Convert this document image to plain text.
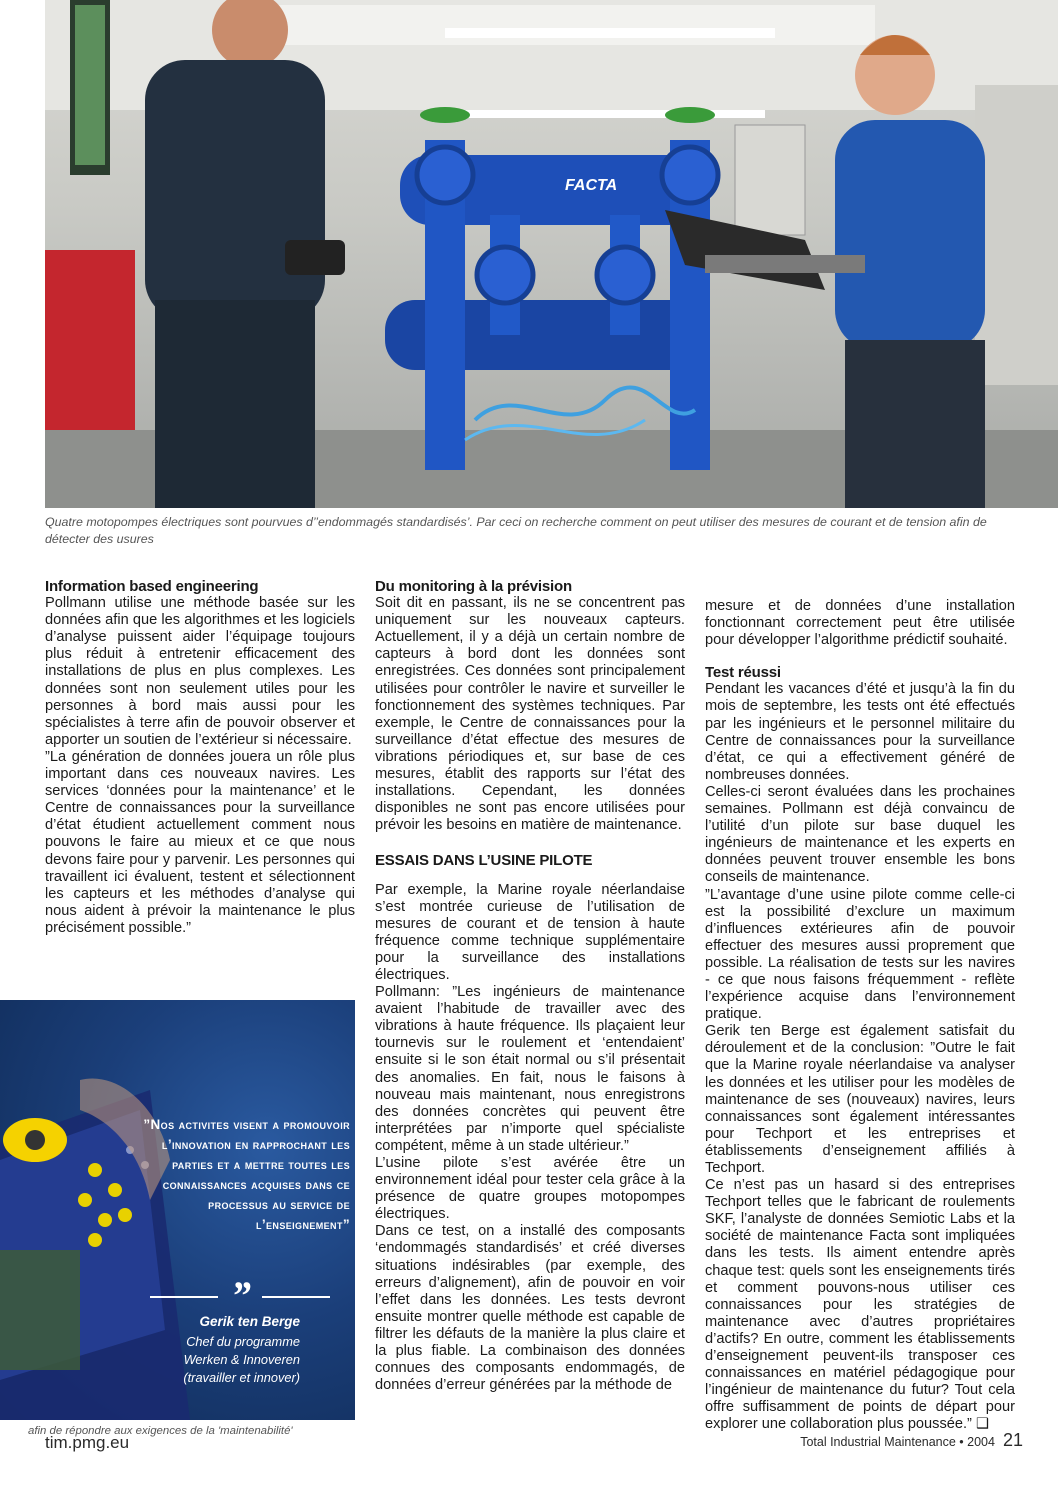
FACTA
Quatre motopompes électriques sont pourvues d’’endommagés standardisés’. Par ceci on recherche comment on peut utiliser des mesures de courant et de tension afin de détecter des usures
Information based engineering

Pollmann utilise une méthode basée sur les données afin que les algorithmes et les logiciels d’analyse puissent aider l’équipage toujours plus réduit à entretenir efficacement des installations de plus en plus complexes. Les données sont non seulement utiles pour les personnes à bord mais aussi pour les spécialistes à terre afin de pouvoir observer et apporter un soutien de l’extérieur si nécessaire.

”La génération de données jouera un rôle plus important dans ces nouveaux navires. Les services ‘données pour la maintenance’ et le Centre de connaissances pour la surveillance d’état étudient actuellement comment nous pouvons le faire au mieux et ce que nous devons faire pour y parvenir. Les personnes qui travaillent ici évaluent, testent et sélectionnent les capteurs et les méthodes d’analyse qui nous aident à prévoir la maintenance le plus précisément possible.”

”Nos activites visent a promouvoir l’innovation en rapprochant les parties et a mettre toutes les connaissances acquises dans ce processus au service de l’enseignement”
”
Gerik ten Berge
Chef du programme Werken & Innoveren (travailler et innover)
afin de répondre aux exigences de la 'maintenabilité'
Du monitoring à la prévision

Soit dit en passant, ils ne se concentrent pas uniquement sur les nouveaux capteurs. Actuellement, il y a déjà un certain nombre de capteurs à bord dont les données sont enregistrées. Ces données sont principalement utilisées pour contrôler le navire et surveiller le fonctionnement des systèmes techniques. Par exemple, le Centre de connaissances pour la surveillance d’état effectue des mesures de vibrations périodiques et, sur base de ces mesures, établit des rapports sur l’état des installations. Cependant, les données disponibles ne sont pas encore utilisées pour prévoir les besoins en matière de maintenance.

ESSAIS DANS L’USINE PILOTE

Par exemple, la Marine royale néerlandaise s’est montrée curieuse de l’utilisation de mesures de courant et de tension à haute fréquence comme technique supplémentaire pour la surveillance des installations électriques.

Pollmann: ”Les ingénieurs de maintenance avaient l’habitude de travailler avec des vibrations à haute fréquence. Ils plaçaient leur tournevis sur le roulement et ‘entendaient’ ensuite si le son était normal ou s’il présentait des anomalies. En fait, nous le faisons à nouveau mais maintenant, nous enregistrons des données concrètes qui peuvent être interprétées par n’importe quel spécialiste compétent, même à un stade ultérieur.”

L’usine pilote s’est avérée être un environnement idéal pour tester cela grâce à la présence de quatre groupes motopompes électriques.

Dans ce test, on a installé des composants ‘endommagés standardisés’ et créé diverses situations indésirables (par exemple, des erreurs d’alignement), afin de pouvoir en voir l’effet dans les données. Les tests devront ensuite montrer quelle méthode est capable de filtrer les défauts de la manière la plus claire et la plus fiable. La combinaison des données connues des composants endommagés, de données d’erreur générées par la méthode de

mesure et de données d’une installation fonctionnant correctement peut être utilisée pour développer l’algorithme prédictif souhaité.

Test réussi

Pendant les vacances d’été et jusqu’à la fin du mois de septembre, les tests ont été effectués par les ingénieurs et le personnel militaire du Centre de connaissances pour la surveillance d’état, ce qui a effectivement généré de nombreuses données.

Celles-ci seront évaluées dans les prochaines semaines. Pollmann est déjà convaincu de l’utilité d’un pilote sur base duquel les ingénieurs de maintenance et les experts en données peuvent trouver ensemble les bons conseils de maintenance.

”L’avantage d’une usine pilote comme celle-ci est la possibilité d’exclure un maximum d’influences extérieures afin de pouvoir effectuer des mesures aussi proprement que possible. La réalisation de tests sur les navires - ce que nous faisons fréquemment - reflète l’expérience acquise dans l’environnement pratique.

Gerik ten Berge est également satisfait du déroulement et de la conclusion: ”Outre le fait que la Marine royale néerlandaise va analyser les données et les utiliser pour les modèles de maintenance de ses (nouveaux) navires, leurs connaissances sont également intéressantes pour Techport et les entreprises et établissements d’enseignement affiliés à Techport.

Ce n’est pas un hasard si des entreprises Techport telles que le fabricant de roulements SKF, l’analyste de données Semiotic Labs et la société de maintenance Facta sont impliquées dans les tests. Ils aiment entendre après chaque test: quels sont les enseignements tirés et comment pouvons-nous utiliser ces connaissances pour les stratégies de maintenance avec d’autres propriétaires d’actifs? En outre, comment les établissements d’enseignement peuvent-ils transposer ces connaissances en matériel pédagogique pour l’ingénieur de maintenance du futur? Tout cela offre suffisamment de points de départ pour explorer une collaboration plus poussée.” ❑

tim.pmg.eu	Total Industrial Maintenance • 2004 21
